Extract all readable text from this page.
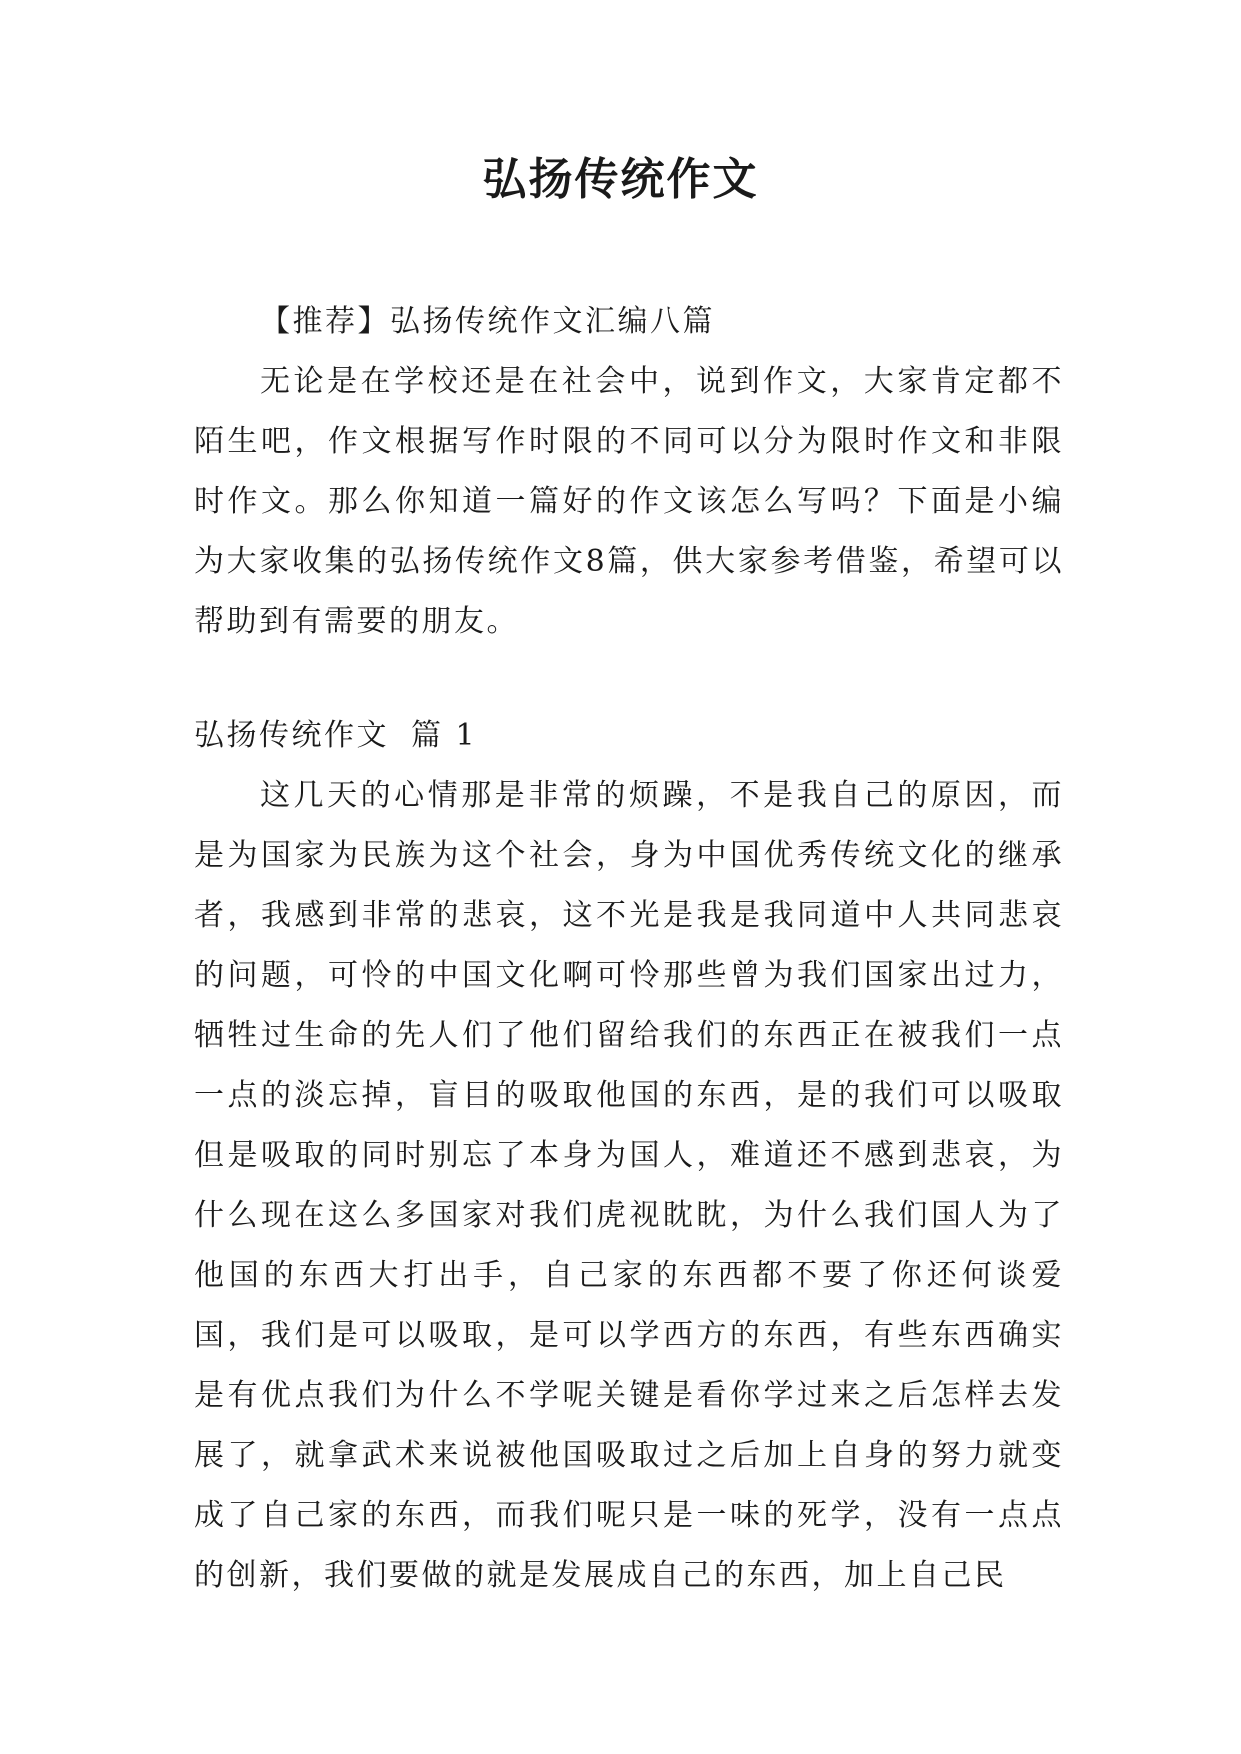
弘扬传统作文

【推荐】弘扬传统作文汇编八篇

无论是在学校还是在社会中，说到作文，大家肯定都不陌生吧，作文根据写作时限的不同可以分为限时作文和非限时作文。那么你知道一篇好的作文该怎么写吗？下面是小编为大家收集的弘扬传统作文8篇，供大家参考借鉴，希望可以帮助到有需要的朋友。

弘扬传统作文 篇 1

这几天的心情那是非常的烦躁，不是我自己的原因，而是为国家为民族为这个社会，身为中国优秀传统文化的继承者，我感到非常的悲哀，这不光是我是我同道中人共同悲哀的问题，可怜的中国文化啊可怜那些曾为我们国家出过力，牺牲过生命的先人们了他们留给我们的东西正在被我们一点一点的淡忘掉，盲目的吸取他国的东西，是的我们可以吸取但是吸取的同时别忘了本身为国人，难道还不感到悲哀，为什么现在这么多国家对我们虎视眈眈，为什么我们国人为了他国的东西大打出手，自己家的东西都不要了你还何谈爱国，我们是可以吸取，是可以学西方的东西，有些东西确实是有优点我们为什么不学呢关键是看你学过来之后怎样去发展了，就拿武术来说被他国吸取过之后加上自身的努力就变成了自己家的东西，而我们呢只是一味的死学，没有一点点的创新，我们要做的就是发展成自己的东西，加上自己民
